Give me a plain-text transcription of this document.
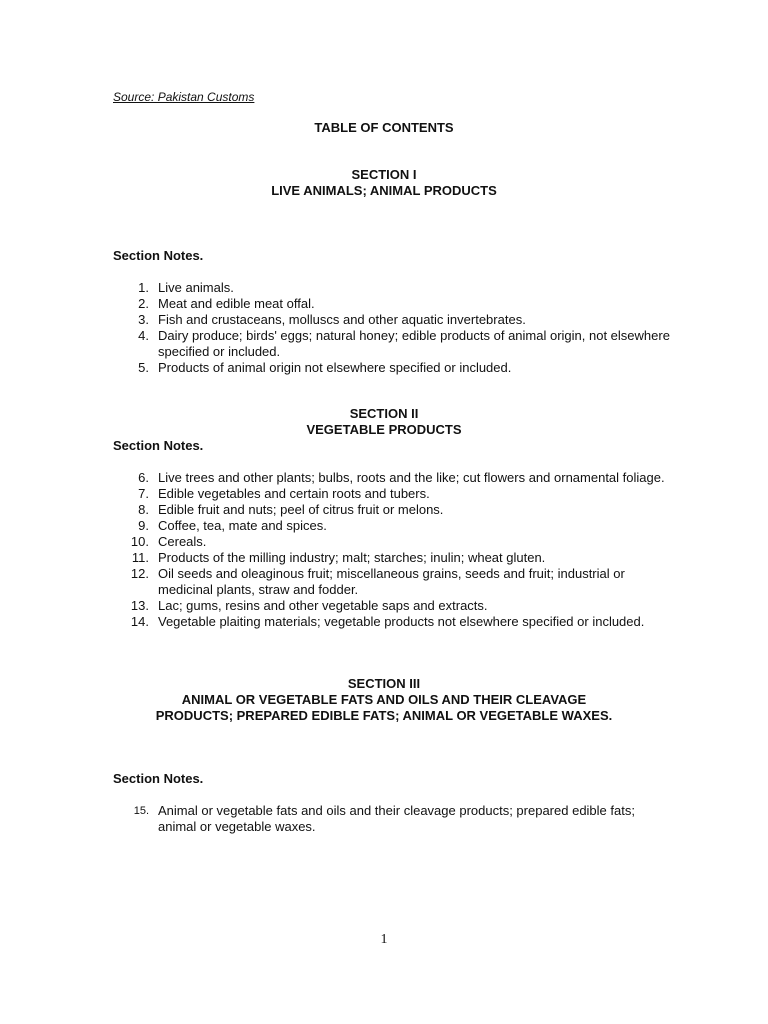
Source: Pakistan Customs
TABLE OF CONTENTS
SECTION I
LIVE ANIMALS; ANIMAL PRODUCTS
Section Notes.
1. Live animals.
2. Meat and edible meat offal.
3. Fish and crustaceans, molluscs and other aquatic invertebrates.
4. Dairy produce; birds' eggs; natural honey; edible products of animal origin, not elsewhere specified or included.
5. Products of animal origin not elsewhere specified or included.
SECTION II
VEGETABLE PRODUCTS
Section Notes.
6. Live trees and other plants; bulbs, roots and the like; cut flowers and ornamental foliage.
7. Edible vegetables and certain roots and tubers.
8. Edible fruit and nuts; peel of citrus fruit or melons.
9. Coffee, tea, mate and spices.
10. Cereals.
11. Products of the milling industry; malt; starches; inulin; wheat gluten.
12. Oil seeds and oleaginous fruit; miscellaneous grains, seeds and fruit; industrial or medicinal plants, straw and fodder.
13. Lac; gums, resins and other vegetable saps and extracts.
14. Vegetable plaiting materials; vegetable products not elsewhere specified or included.
SECTION III
ANIMAL OR VEGETABLE FATS AND OILS AND THEIR CLEAVAGE
PRODUCTS; PREPARED EDIBLE FATS; ANIMAL OR VEGETABLE WAXES.
Section Notes.
15. Animal or vegetable fats and oils and their cleavage products; prepared edible fats; animal or vegetable waxes.
1
